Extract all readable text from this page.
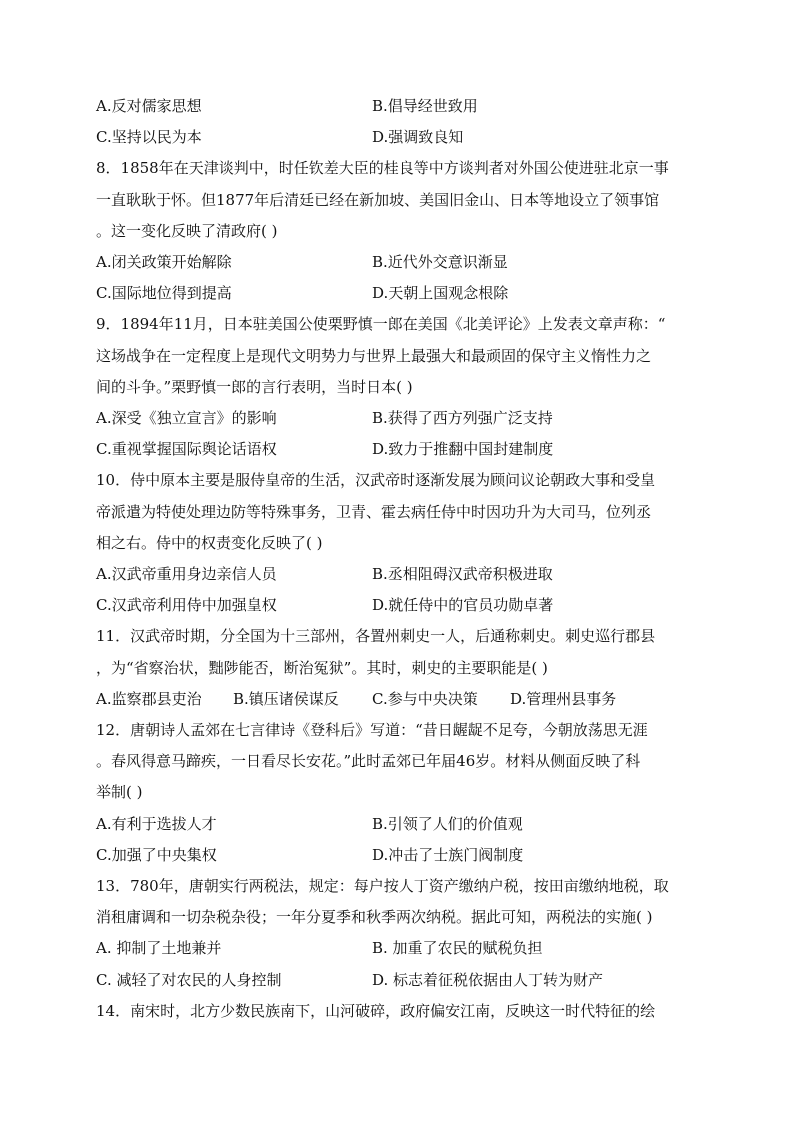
A.反对儒家思想	B.倡导经世致用
C.坚持以民为本	D.强调致良知
8．1858年在天津谈判中，时任钦差大臣的桂良等中方谈判者对外国公使进驻北京一事
一直耿耿于怀。但1877年后清廷已经在新加坡、美国旧金山、日本等地设立了领事馆
。这一变化反映了清政府( )
A.闭关政策开始解除	B.近代外交意识渐显
C.国际地位得到提高	D.天朝上国观念根除
9．1894年11月，日本驻美国公使栗野慎一郎在美国《北美评论》上发表文章声称：“
这场战争在一定程度上是现代文明势力与世界上最强大和最顽固的保守主义惰性力之
间的斗争。”栗野慎一郎的言行表明，当时日本( )
A.深受《独立宣言》的影响	B.获得了西方列强广泛支持
C.重视掌握国际舆论话语权	D.致力于推翻中国封建制度
10．侍中原本主要是服侍皇帝的生活，汉武帝时逐渐发展为顾问议论朝政大事和受皇
帝派遣为特使处理边防等特殊事务，卫青、霍去病任侍中时因功升为大司马，位列丞
相之右。侍中的权责变化反映了( )
A.汉武帝重用身边亲信人员	B.丞相阻碍汉武帝积极进取
C.汉武帝利用侍中加强皇权	D.就任侍中的官员功勋卓著
11．汉武帝时期，分全国为十三部州，各置州刺史一人，后通称刺史。刺史巡行郡县
，为“省察治状，黜陟能否，断治冤狱”。其时，刺史的主要职能是( )
A.监察郡县吏治 B.镇压诸侯谋反 C.参与中央决策 D.管理州县事务
12．唐朝诗人孟郊在七言律诗《登科后》写道：“昔日龌龊不足夸，今朝放荡思无涯
。春风得意马蹄疾，一日看尽长安花。”此时孟郊已年届46岁。材料从侧面反映了科
举制( )
A.有利于选拔人才	B.引领了人们的价值观
C.加强了中央集权	D.冲击了士族门阀制度
13．780年，唐朝实行两税法，规定：每户按人丁资产缴纳户税，按田亩缴纳地税，取
消租庸调和一切杂税杂役；一年分夏季和秋季两次纳税。据此可知，两税法的实施( )
A. 抑制了土地兼并	B. 加重了农民的赋税负担
C. 减轻了对农民的人身控制	D. 标志着征税依据由人丁转为财产
14．南宋时，北方少数民族南下，山河破碎，政府偏安江南，反映这一时代特征的绘
